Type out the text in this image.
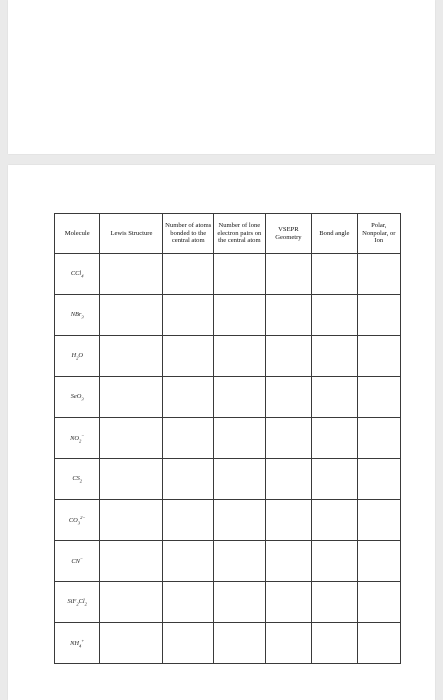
Molecule	Lewis Structure	Number of atoms bonded to the central atom	Number of lone electron pairs on the central atom	VSEPR Geometry	Bond angle	Polar, Nonpolar, or Ion
CCl$_4$						
NBr$_3$						
$H_2O$						
SeO$_3$						
$NO_2^-$						
$CS_2$						
$CO_3^{2-}$						
CN−						
$SiF_2Cl_2$						
$NH_4^+$						
